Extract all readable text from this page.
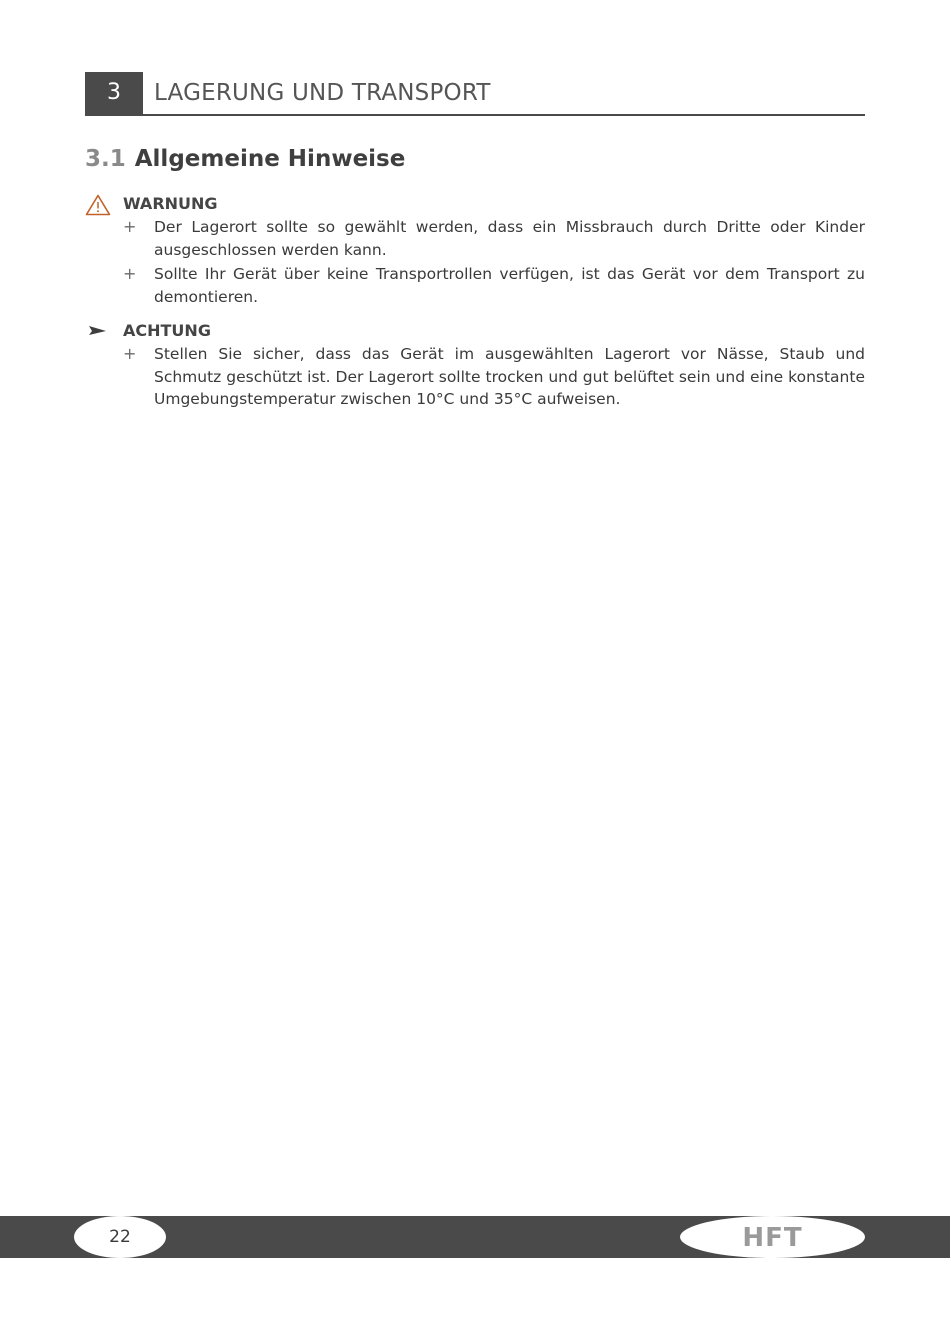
3	LAGERUNG UND TRANSPORT
3.1 Allgemeine Hinweise
WARNUNG
+ Der Lagerort sollte so gewählt werden, dass ein Missbrauch durch Dritte oder Kinder ausgeschlossen werden kann.
+ Sollte Ihr Gerät über keine Transportrollen verfügen, ist das Gerät vor dem Transport zu demontieren.
ACHTUNG
+ Stellen Sie sicher, dass das Gerät im ausgewählten Lagerort vor Nässe, Staub und Schmutz geschützt ist. Der Lagerort sollte trocken und gut belüftet sein und eine konstante Umgebungstemperatur zwischen 10°C und 35°C aufweisen.
22	HFT
